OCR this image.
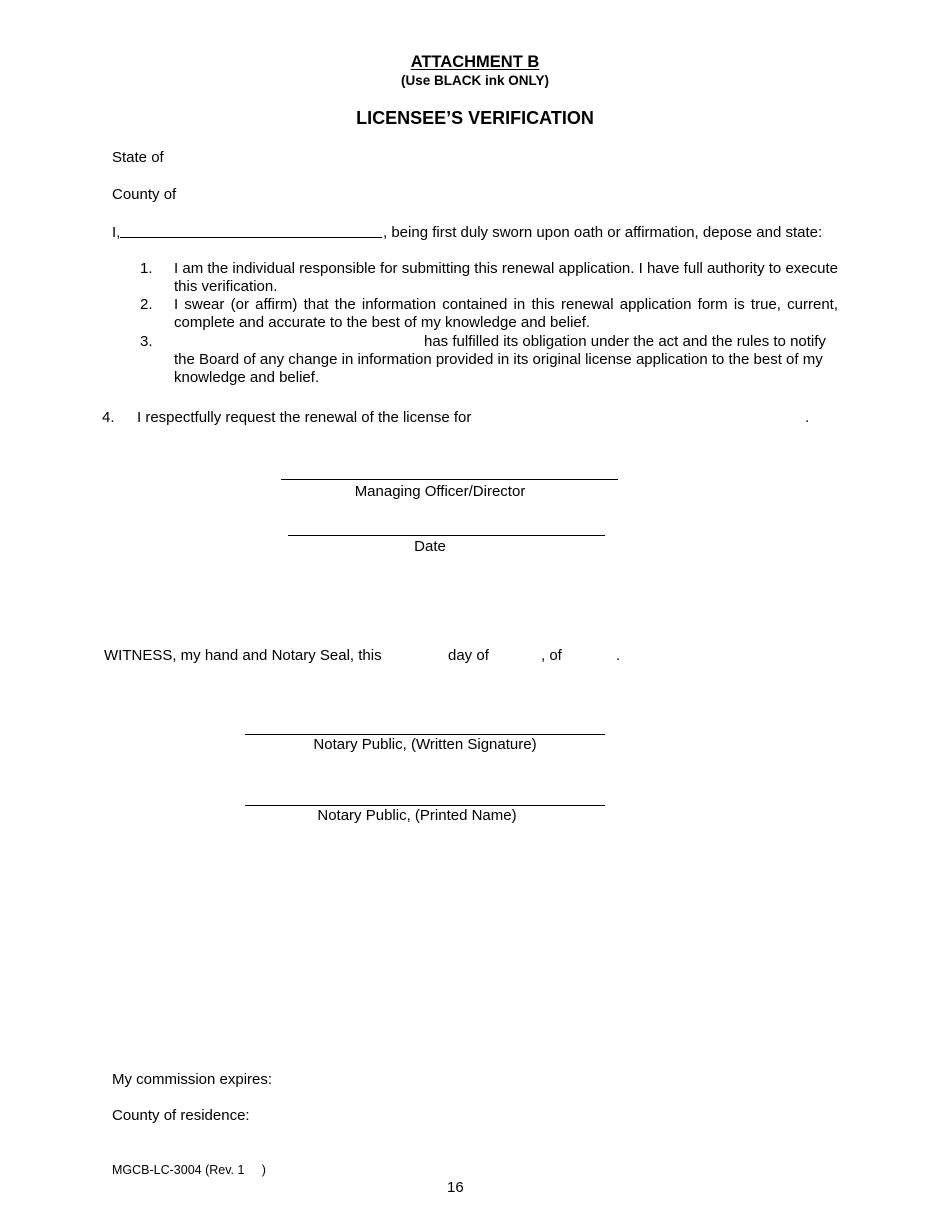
ATTACHMENT B
(Use BLACK ink ONLY)
LICENSEE’S VERIFICATION
State of
County of
I,	, being first duly sworn upon oath or affirmation, depose and state:
1. I am the individual responsible for submitting this renewal application. I have full authority to execute this verification.
2. I swear (or affirm) that the information contained in this renewal application form is true, current, complete and accurate to the best of my knowledge and belief.
3.	has fulfilled its obligation under the act and the rules to notify
the Board of any change in information provided in its original license application to the best of my knowledge and belief.
4. I respectfully request the renewal of the license for	.
Managing Officer/Director
Date
WITNESS, my hand and Notary Seal, this	day of	, of	.
Notary Public, (Written Signature)
Notary Public, (Printed Name)
My commission expires:
County of residence:
MGCB-LC-3004 (Rev. 1     )
16
